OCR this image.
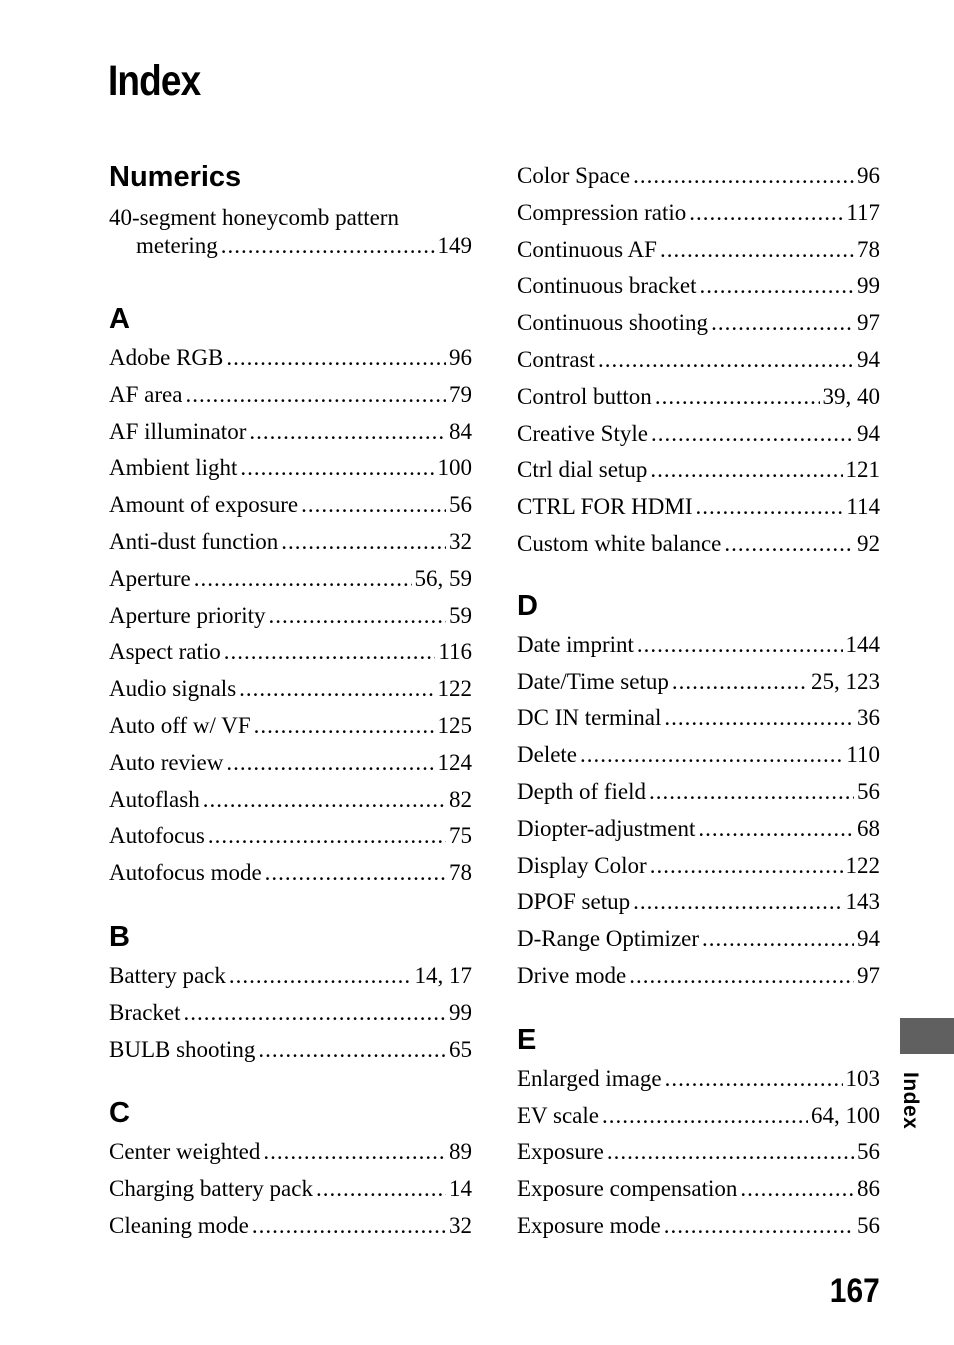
Index
Numerics
40-segment honeycomb pattern
metering .....	149
A
Adobe RGB .....	96
AF area .....	79
AF illuminator .....	84
Ambient light .....	100
Amount of exposure .....	56
Anti-dust function .....	32
Aperture .....	56, 59
Aperture priority .....	59
Aspect ratio .....	116
Audio signals .....	122
Auto off w/ VF .....	125
Auto review .....	124
Autoflash .....	82
Autofocus .....	75
Autofocus mode .....	78
B
Battery pack .....	14, 17
Bracket .....	99
BULB shooting .....	65
C
Center weighted .....	89
Charging battery pack .....	14
Cleaning mode .....	32
Color Space .....	96
Compression ratio .....	117
Continuous AF .....	78
Continuous bracket .....	99
Continuous shooting .....	97
Contrast .....	94
Control button .....	39, 40
Creative Style .....	94
Ctrl dial setup .....	121
CTRL FOR HDMI .....	114
Custom white balance .....	92
D
Date imprint .....	144
Date/Time setup .....	25, 123
DC IN terminal .....	36
Delete .....	110
Depth of field .....	56
Diopter-adjustment .....	68
Display Color .....	122
DPOF setup .....	143
D-Range Optimizer .....	94
Drive mode .....	97
E
Enlarged image .....	103
EV scale .....	64, 100
Exposure .....	56
Exposure compensation .....	86
Exposure mode .....	56
Index
167
